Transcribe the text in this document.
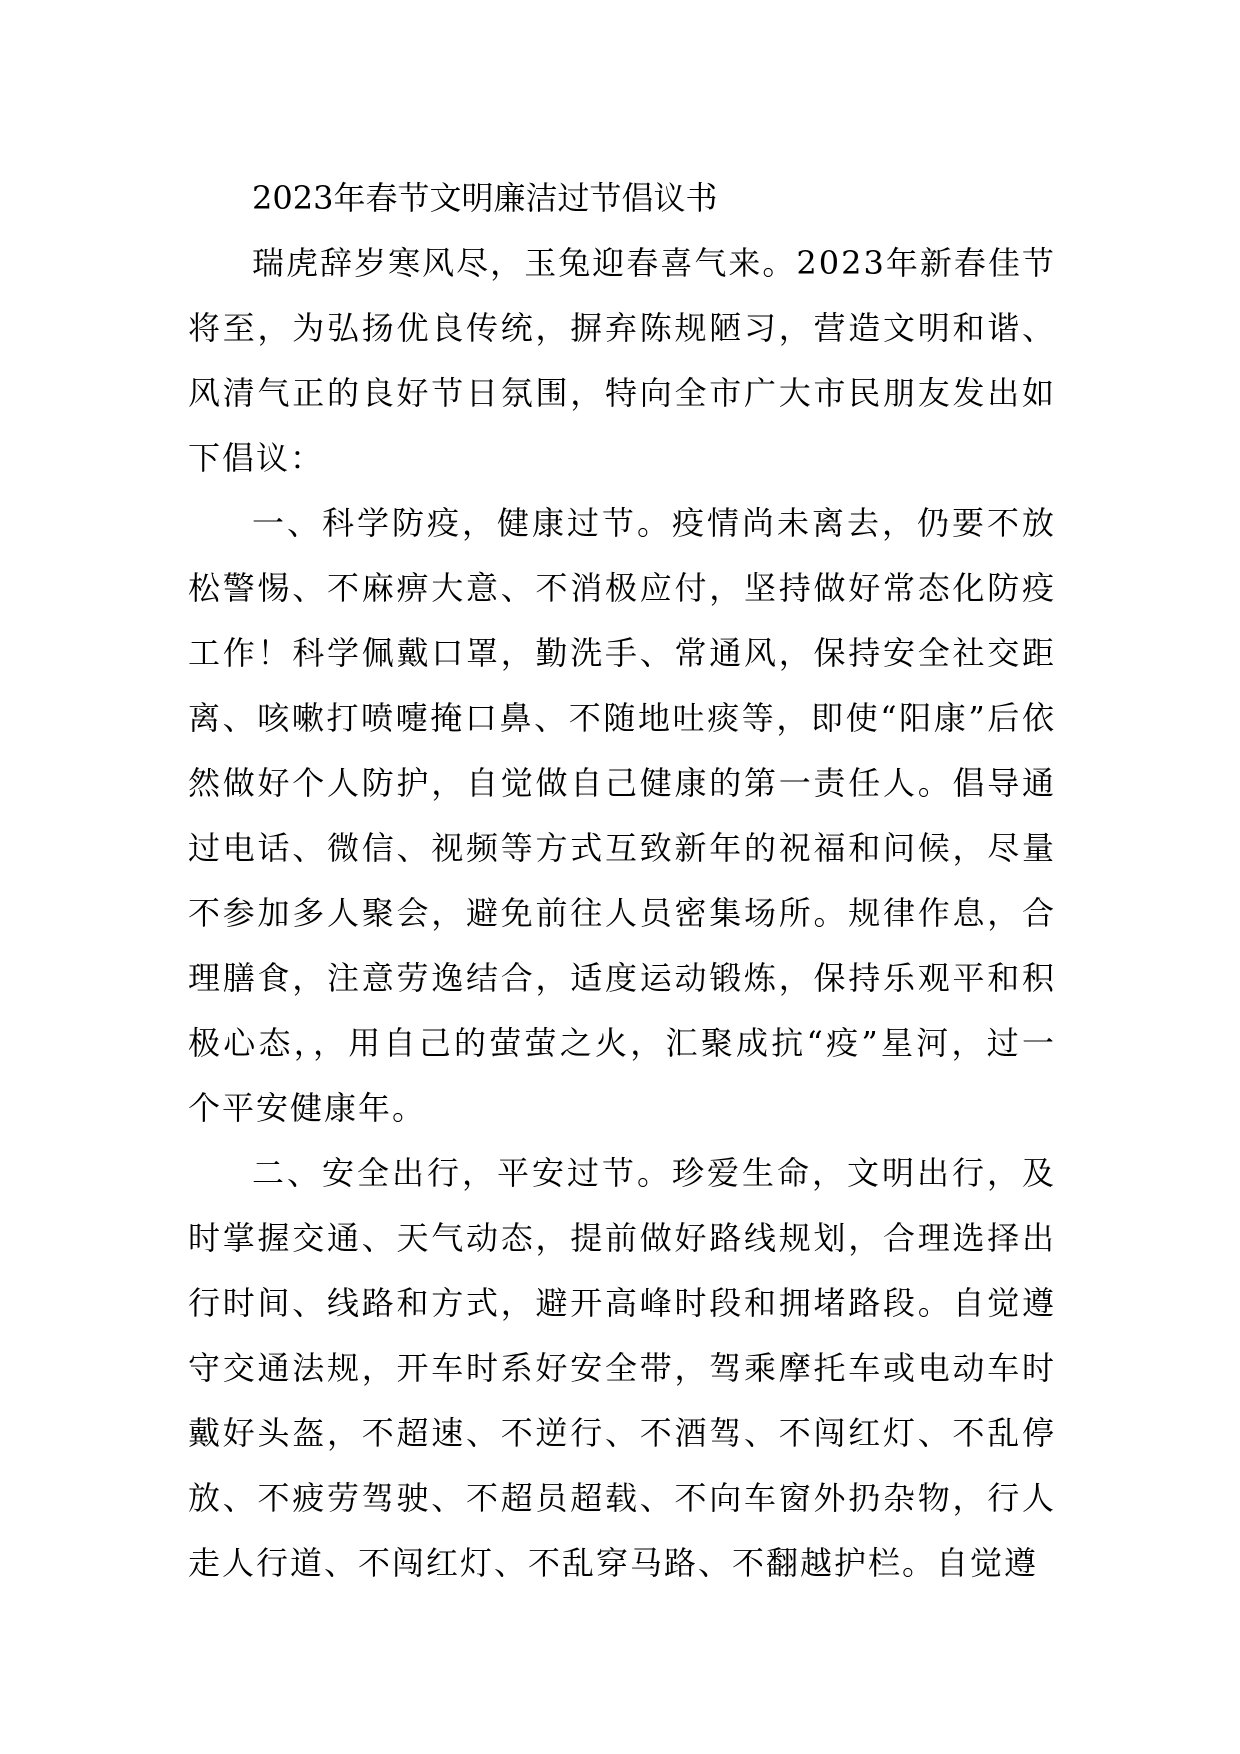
2023年春节文明廉洁过节倡议书

瑞虎辞岁寒风尽，玉兔迎春喜气来。2023年新春佳节将至，为弘扬优良传统，摒弃陈规陋习，营造文明和谐、风清气正的良好节日氛围，特向全市广大市民朋友发出如下倡议：

一、科学防疫，健康过节。疫情尚未离去，仍要不放松警惕、不麻痹大意、不消极应付，坚持做好常态化防疫工作！科学佩戴口罩，勤洗手、常通风，保持安全社交距离、咳嗽打喷嚏掩口鼻、不随地吐痰等，即使“阳康”后依然做好个人防护，自觉做自己健康的第一责任人。倡导通过电话、微信、视频等方式互致新年的祝福和问候，尽量不参加多人聚会，避免前往人员密集场所。规律作息，合理膳食，注意劳逸结合，适度运动锻炼，保持乐观平和积极心态，，用自己的萤萤之火，汇聚成抗“疫”星河，过一个平安健康年。

二、安全出行，平安过节。珍爱生命，文明出行，及时掌握交通、天气动态，提前做好路线规划，合理选择出行时间、线路和方式，避开高峰时段和拥堵路段。自觉遵守交通法规，开车时系好安全带，驾乘摩托车或电动车时戴好头盔，不超速、不逆行、不酒驾、不闯红灯、不乱停放、不疲劳驾驶、不超员超载、不向车窗外扔杂物，行人走人行道、不闯红灯、不乱穿马路、不翻越护栏。自觉遵
